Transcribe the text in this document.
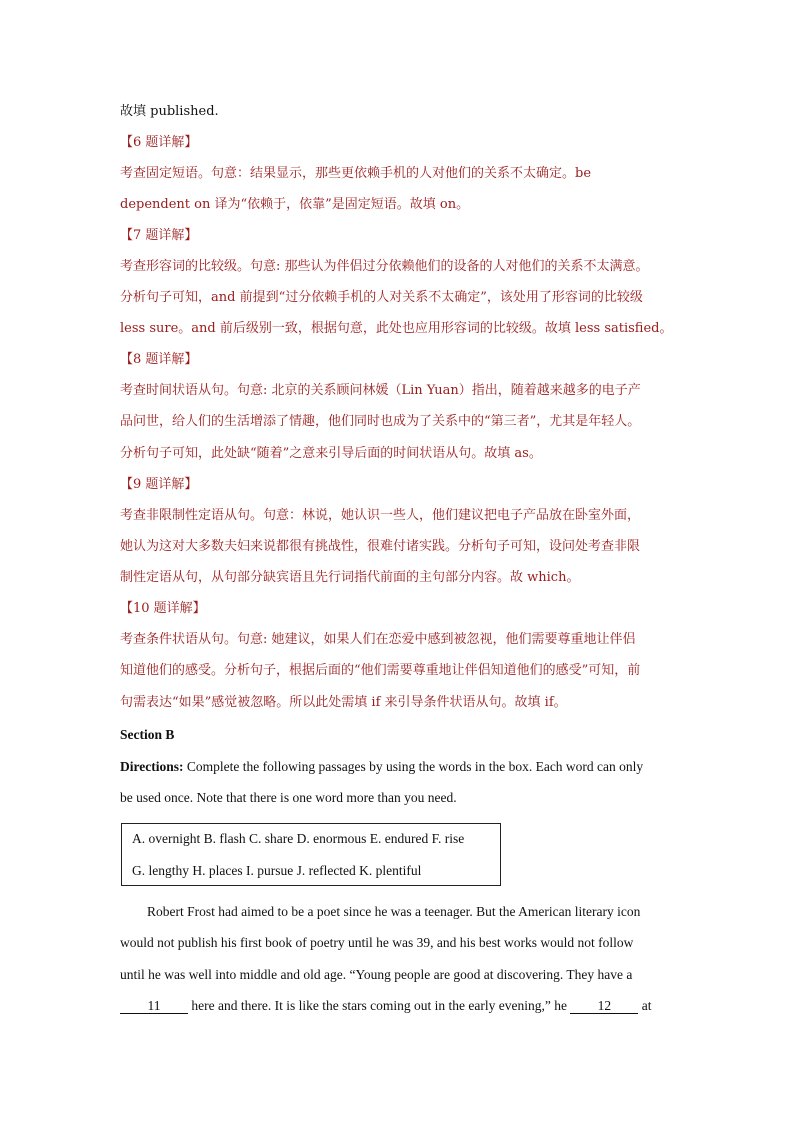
故填 published.
【6 题详解】
考查固定短语。句意：结果显示，那些更依赖手机的人对他们的关系不太确定。be
dependent on 译为“依赖于，依靠”是固定短语。故填 on。
【7 题详解】
考查形容词的比较级。句意: 那些认为伴侣过分依赖他们的设备的人对他们的关系不太满意。
分析句子可知，and 前提到“过分依赖手机的人对关系不太确定”，该处用了形容词的比较级
less sure。and 前后级别一致，根据句意，此处也应用形容词的比较级。故填 less satisfied。
【8 题详解】
考查时间状语从句。句意: 北京的关系顾问林媛（Lin Yuan）指出，随着越来越多的电子产
品问世，给人们的生活增添了情趣，他们同时也成为了关系中的“第三者”，尤其是年轻人。
分析句子可知，此处缺“随着”之意来引导后面的时间状语从句。故填 as。
【9 题详解】
考查非限制性定语从句。句意：林说，她认识一些人，他们建议把电子产品放在卧室外面，
她认为这对大多数夫妇来说都很有挑战性，很难付诸实践。分析句子可知，设问处考查非限
制性定语从句，从句部分缺宾语且先行词指代前面的主句部分内容。故 which。
【10 题详解】
考查条件状语从句。句意: 她建议，如果人们在恋爱中感到被忽视，他们需要尊重地让伴侣
知道他们的感受。分析句子，根据后面的“他们需要尊重地让伴侣知道他们的感受”可知，前
句需表达“如果”感觉被忽略。所以此处需填 if 来引导条件状语从句。故填 if。
Section B
Directions: Complete the following passages by using the words in the box. Each word can only
be used once. Note that there is one word more than you need.
A. overnight B. flash C. share D. enormous E. endured F. rise
G. lengthy H. places I. pursue J. reflected K. plentiful
Robert Frost had aimed to be a poet since he was a teenager. But the American literary icon
would not publish his first book of poetry until he was 39, and his best works would not follow
until he was well into middle and old age. “Young people are good at discovering. They have a
11 here and there. It is like the stars coming out in the early evening,” he 12 at
